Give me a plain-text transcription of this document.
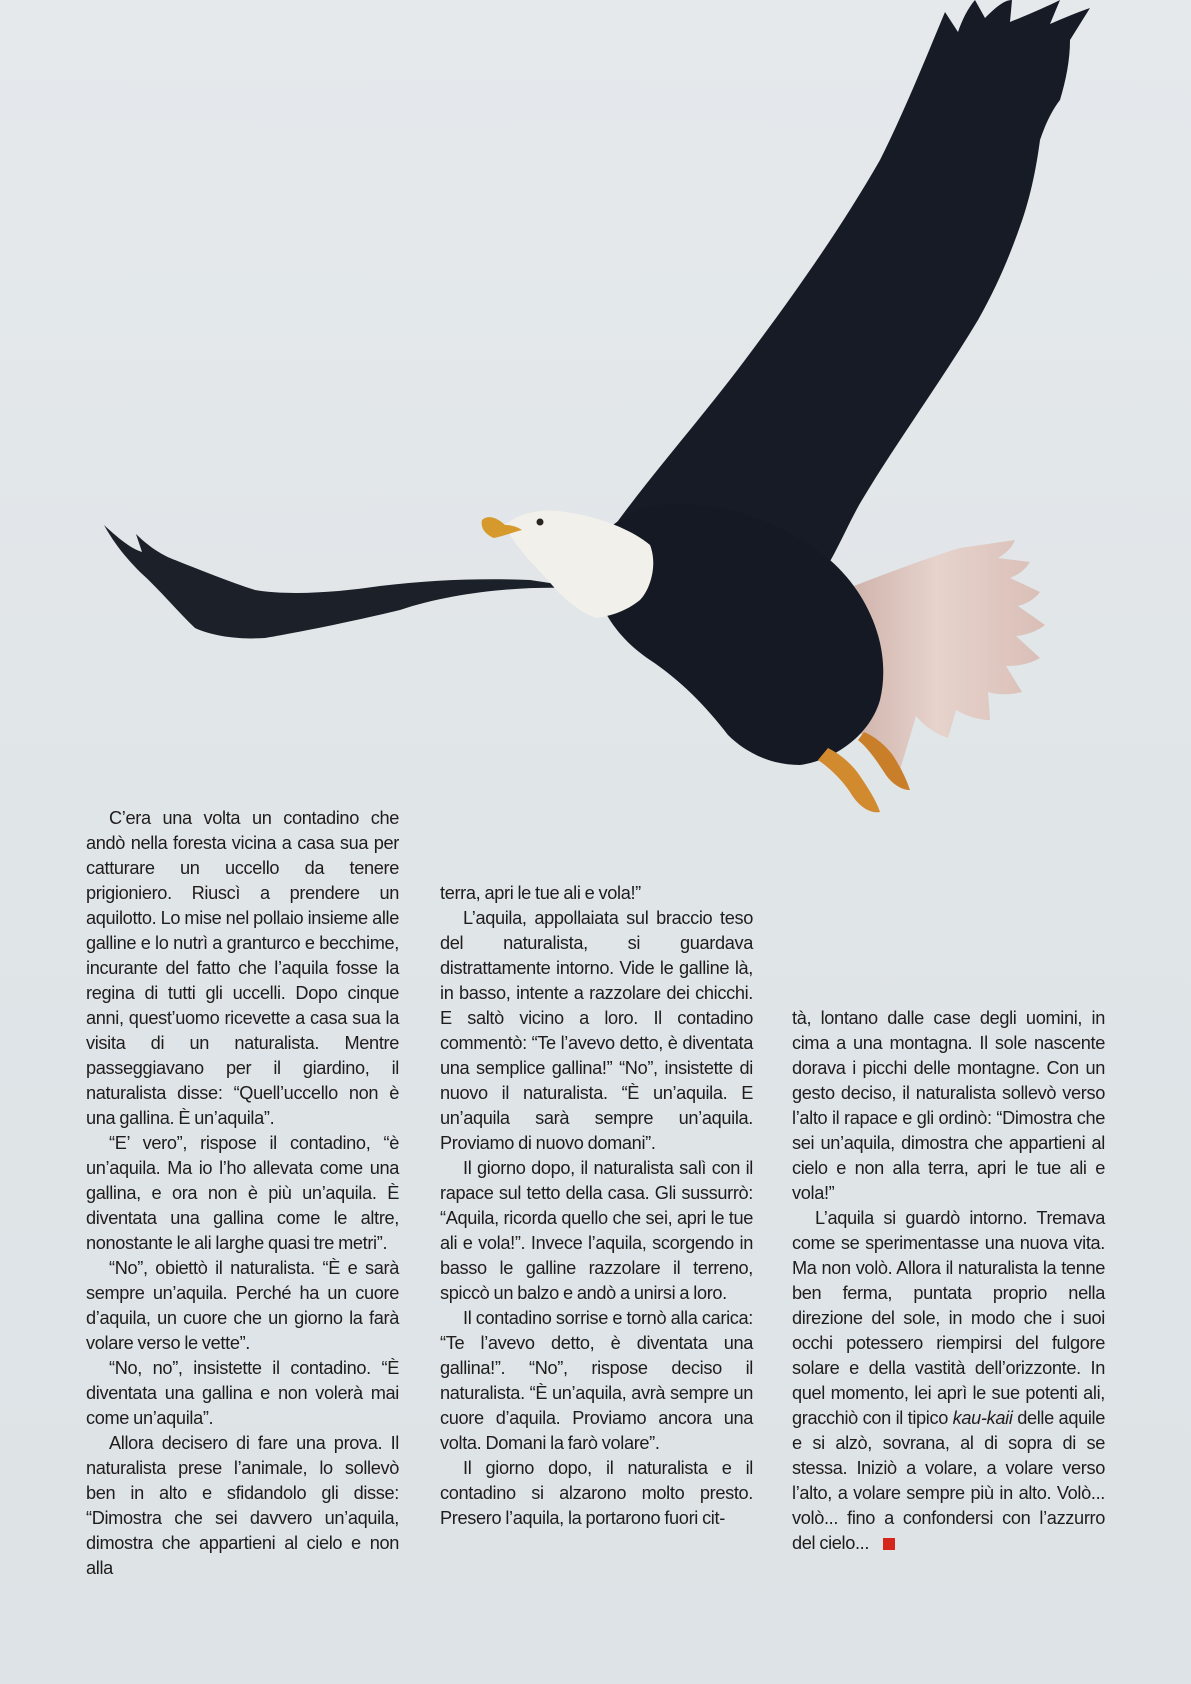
C’era una volta un contadino che andò nella foresta vicina a casa sua per catturare un uccello da tenere prigioniero. Riuscì a prendere un aquilotto. Lo mise nel pollaio insieme alle galline e lo nutrì a granturco e becchime, incurante del fatto che l’aquila fosse la regina di tutti gli uccelli. Dopo cinque anni, quest’uomo ricevette a casa sua la visita di un naturalista. Mentre passeggiavano per il giardino, il naturalista disse: “Quell’uccello non è una gallina. È un’aquila”.

“E’ vero”, rispose il contadino, “è un’aquila. Ma io l’ho allevata come una gallina, e ora non è più un’aquila. È diventata una gallina come le altre, nonostante le ali larghe quasi tre metri”.

“No”, obiettò il naturalista. “È e sarà sempre un’aquila. Perché ha un cuore d’aquila, un cuore che un giorno la farà volare verso le vette”.

“No, no”, insistette il contadino. “È diventata una gallina e non volerà mai come un’aquila”.

Allora decisero di fare una prova. Il naturalista prese l’animale, lo sollevò ben in alto e sfidandolo gli disse: “Dimostra che sei davvero un’aquila, dimostra che appartieni al cielo e non alla

terra, apri le tue ali e vola!”

L’aquila, appollaiata sul braccio teso del naturalista, si guardava distrattamente intorno. Vide le galline là, in basso, intente a razzolare dei chicchi. E saltò vicino a loro. Il contadino commentò: “Te l’avevo detto, è diventata una semplice gallina!” “No”, insistette di nuovo il naturalista. “È un’aquila. E un’aquila sarà sempre un’aquila. Proviamo di nuovo domani”.

Il giorno dopo, il naturalista salì con il rapace sul tetto della casa. Gli sussurrò: “Aquila, ricorda quello che sei, apri le tue ali e vola!”. Invece l’aquila, scorgendo in basso le galline razzolare il terreno, spiccò un balzo e andò a unirsi a loro.

Il contadino sorrise e tornò alla carica: “Te l’avevo detto, è diventata una gallina!”. “No”, rispose deciso il naturalista. “È un’aquila, avrà sempre un cuore d’aquila. Proviamo ancora una volta. Domani la farò volare”.

Il giorno dopo, il naturalista e il contadino si alzarono molto presto. Presero l’aquila, la portarono fuori cit-

tà, lontano dalle case degli uomini, in cima a una montagna. Il sole nascente dorava i picchi delle montagne. Con un gesto deciso, il naturalista sollevò verso l’alto il rapace e gli ordinò: “Dimostra che sei un’aquila, dimostra che appartieni al cielo e non alla terra, apri le tue ali e vola!”

L’aquila si guardò intorno. Tremava come se sperimentasse una nuova vita. Ma non volò. Allora il naturalista la tenne ben ferma, puntata proprio nella direzione del sole, in modo che i suoi occhi potessero riempirsi del fulgore solare e della vastità dell’orizzonte. In quel momento, lei aprì le sue potenti ali, gracchiò con il tipico kau-kaii delle aquile e si alzò, sovrana, al di sopra di se stessa. Iniziò a volare, a volare verso l’alto, a volare sempre più in alto. Volò... volò... fino a confondersi con l’azzurro del cielo...
